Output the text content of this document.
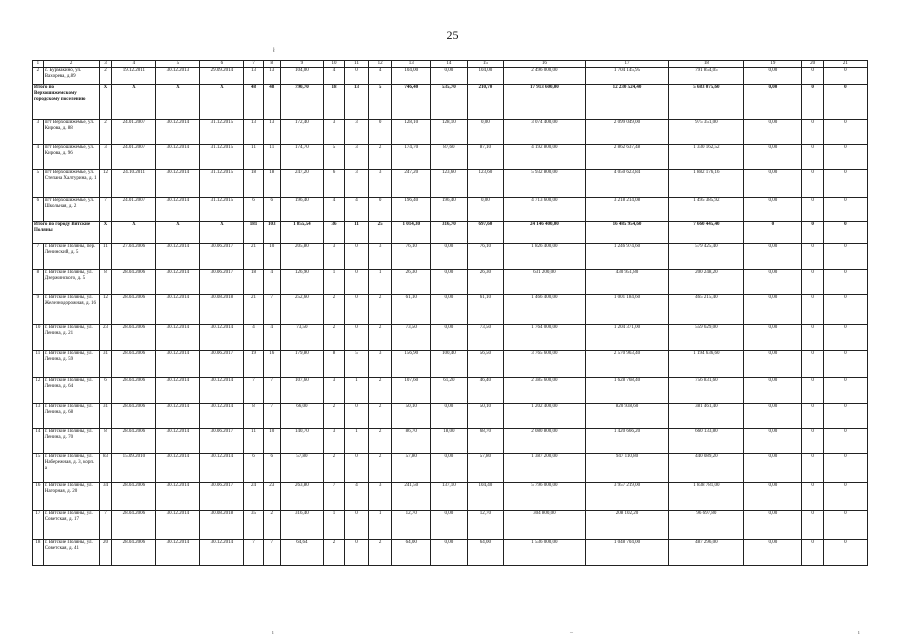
25
ł
ı	–	ı
1	2	3	4	5	6	7	8	9	10	11	12	13	14	15	16	17	18	19	20	21
2	с. Бурмакино, ул. Вахорева, д.89	2	19.12.2011	30.12.2013	29.09.2014	13	13	104,00	4	0	4	104,00	0,00	104,00	2 496 000,00	1 704 145,95	791 854,05	0,00	0	0
Итого по Верхошижемскому городскому поселению		X	X	X	X	48	48	790,70	18	13	5	746,40	535,70	210,70	17 913 600,00	12 230 524,40	5 683 075,60	0,00	0	0
3	пгт Верхошижемье, ул. Кирова, д. 88	2	24.01.2007	30.12.2014	31.12.2015	13	13	172,40	3	3	0	128,10	128,10	0,00	3 074 400,00	2 099 049,00	975 351,00	0,00	0	0
4	пгт Верхошижемье, ул. Кирова, д. 96	3	24.01.2007	30.12.2014	31.12.2015	11	11	174,70	5	3	2	174,70	87,60	87,10	4 192 800,00	2 862 637,48	1 330 162,52	0,00	0	0
5	пгт Верхошижемье, ул. Степана Халтурина, д. 1	12	24.10.2011	30.12.2014	31.12.2015	18	18	247,20	6	3	3	247,20	123,60	123,60	5 932 800,00	4 050 623,84	1 882 176,16	0,00	0	0
6	пгт Верхошижемье, ул. Школьная, д. 2	7	24.01.2007	30.12.2014	31.12.2015	6	6	196,40	4	4	0	196,40	196,40	0,00	4 713 600,00	3 218 214,08	1 495 385,92	0,00	0	0
Итого по городу Вятские Поляны		X	X	X	X	181	103	1 855,54	36	11	25	1 014,30	316,70	697,60	24 146 400,00	16 485 954,60	7 660 445,40	0	0	0
7	г. Вятские Поляны, пер. Ленинский, д. 5	11	27.04.2006	30.12.2014	30.06.2017	21	10	205,80	3	0	3	76,10	0,00	76,10	1 826 400,00	1 246 974,60	579 425,40	0,00	0	0
8	г. Вятские Поляны, ул. Дзержинского, д. 5	8	28.04.2006	30.12.2014	30.06.2017	18	4	126,90	1	0	1	26,30	0,00	26,30	631 200,00	430 951,80	200 248,20	0,00	0	0
9	г. Вятские Поляны, ул. Железнодорожная, д. 16	12	28.04.2006	30.12.2014	30.08.2018	21	7	252,60	2	0	2	61,10	0,00	61,10	1 466 400,00	1 001 184,60	465 215,40	0,00	0	0
10	г. Вятские Поляны, ул. Ленина, д. 21	23	28.04.2006	30.12.2014	30.12.2014	4	4	73,50	2	0	2	73,50	0,00	73,50	1 764 000,00	1 204 371,00	559 629,00	0,00	0	0
11	г. Вятские Поляны, ул. Ленина, д. 59	31	28.04.2006	30.12.2014	30.06.2017	19	16	179,80	8	5	3	156,90	100,40	56,50	3 765 600,00	2 570 963,40	1 194 636,60	0,00	0	0
12	г. Вятские Поляны, ул. Ленина, д. 64	6	28.04.2006	30.12.2014	30.12.2014	7	7	107,60	3	1	2	107,60	61,20	46,40	2 385 600,00	1 628 768,40	756 831,60	0,00	0	0
13	г. Вятские Поляны, ул. Ленина, д. 68	31	28.04.2006	30.12.2014	30.12.2014	8	7	66,00	2	0	2	50,10	0,00	50,10	1 202 400,00	820 938,60	381 461,40	0,00	0	0
14	г. Вятские Поляны, ул. Ленина, д. 70	8	28.04.2006	30.12.2014	30.06.2017	11	10	140,70	3	1	2	86,70	18,00	68,70	2 080 800,00	1 420 666,20	660 133,80	0,00	0	0
15	г. Вятские Поляны, ул. Набережная, д. 3, корп. а	83	15.09.2010	30.12.2014	30.12.2014	6	6	57,80	2	0	2	57,80	0,00	57,80	1 387 200,00	947 110,80	440 089,20	0,00	0	0
16	г. Вятские Поляны, ул. Нагорная, д. 20	34	28.04.2006	30.12.2014	30.06.2017	24	23	263,80	7	4	3	241,50	137,10	104,40	5 796 000,00	3 957 219,00	1 838 781,00	0,00	0	0
17	г. Вятские Поляны, ул. Советская, д. 17	7	28.04.2006	30.12.2014	30.08.2018	35	2	316,40	1	0	1	12,70	0,00	12,70	304 800,00	208 102,20	96 697,80	0,00	0	0
18	г. Вятские Поляны, ул. Советская, д. 41	20	28.04.2006	30.12.2014	30.12.2014	7	7	64,64	2	0	2	64,00	0,00	64,00	1 536 000,00	1 048 704,00	487 296,00	0,00	0	0
